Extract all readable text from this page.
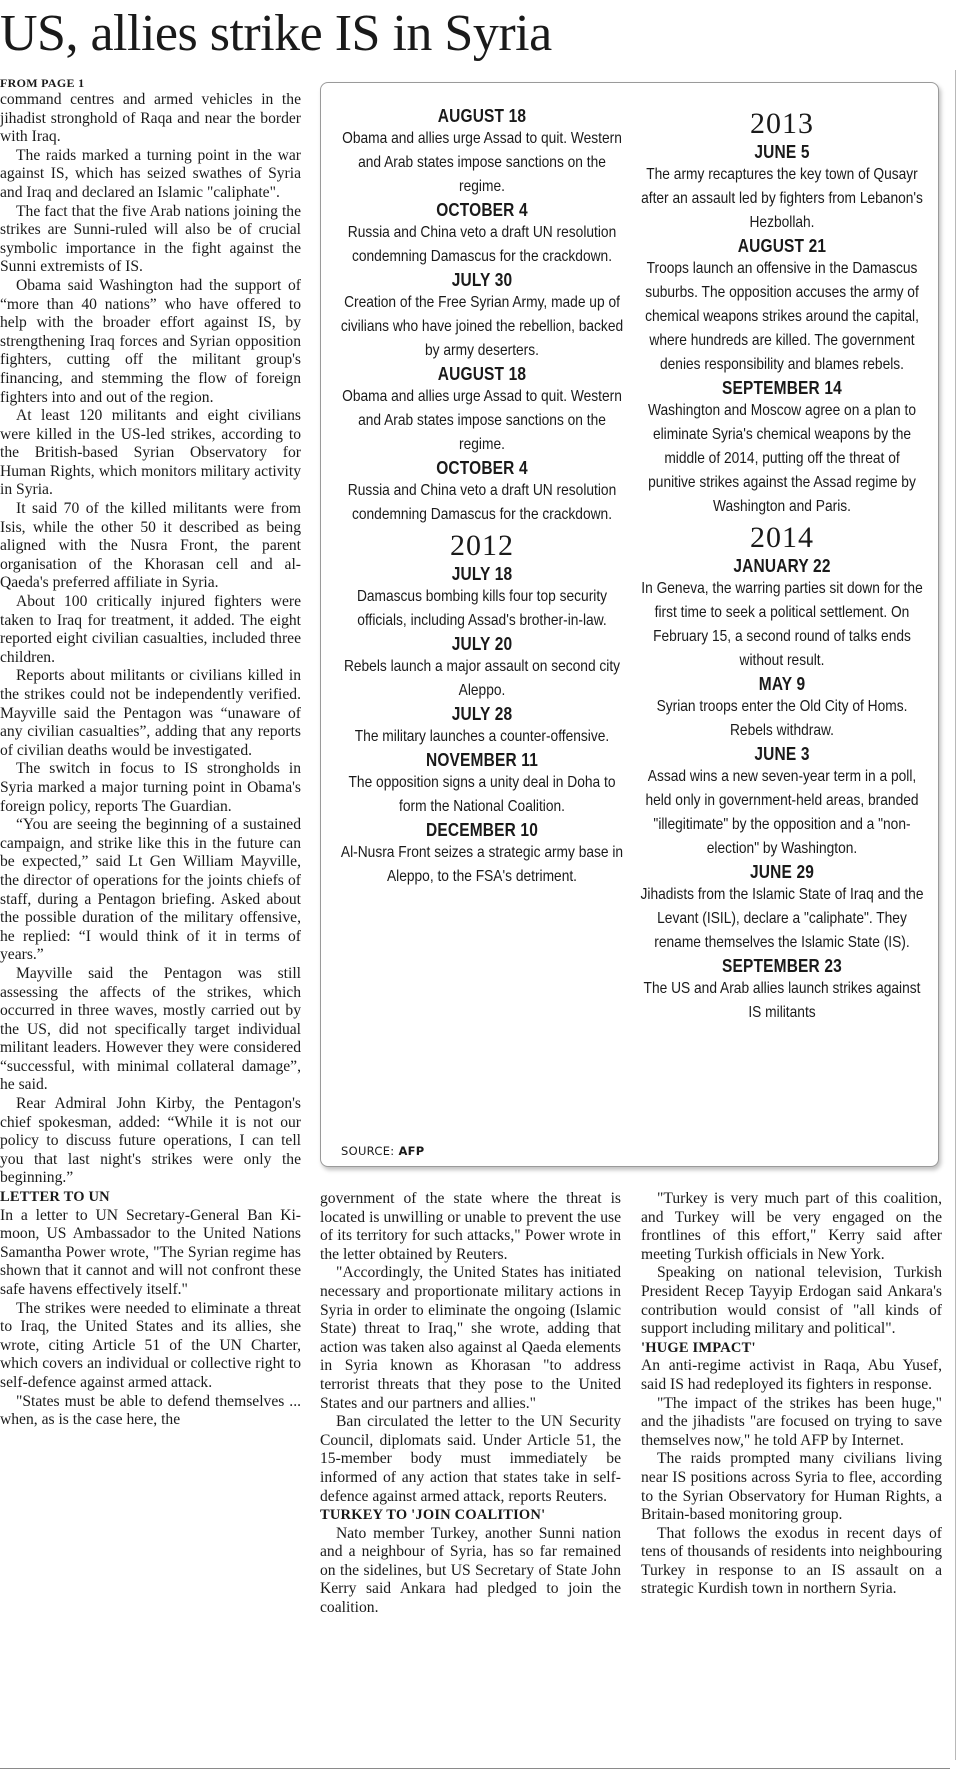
US, allies strike IS in Syria
FROM PAGE 1

command centres and armed vehicles in the jihadist stronghold of Raqa and near the border with Iraq.

The raids marked a turning point in the war against IS, which has seized swathes of Syria and Iraq and declared an Islamic "caliphate".

The fact that the five Arab nations joining the strikes are Sunni-ruled will also be of crucial symbolic importance in the fight against the Sunni extremists of IS.

Obama said Washington had the support of “more than 40 nations” who have offered to help with the broader effort against IS, by strengthening Iraq forces and Syrian opposition fighters, cutting off the militant group's financing, and stemming the flow of foreign fighters into and out of the region.

At least 120 militants and eight civilians were killed in the US-led strikes, according to the British-based Syrian Observatory for Human Rights, which monitors military activity in Syria.

It said 70 of the killed militants were from Isis, while the other 50 it described as being aligned with the Nusra Front, the parent organisation of the Khorasan cell and al-Qaeda's preferred affiliate in Syria.

About 100 critically injured fighters were taken to Iraq for treatment, it added. The eight reported eight civilian casualties, included three children.

Reports about militants or civilians killed in the strikes could not be independently verified. Mayville said the Pentagon was “unaware of any civilian casualties”, adding that any reports of civilian deaths would be investigated.

The switch in focus to IS strongholds in Syria marked a major turning point in Obama's foreign policy, reports The Guardian.

“You are seeing the beginning of a sustained campaign, and strike like this in the future can be expected,” said Lt Gen William Mayville, the director of operations for the joints chiefs of staff, during a Pentagon briefing. Asked about the possible duration of the military offensive, he replied: “I would think of it in terms of years.”

Mayville said the Pentagon was still assessing the affects of the strikes, which occurred in three waves, mostly carried out by the US, did not specifically target individual militant leaders. However they were considered “successful, with minimal collateral damage”, he said.

Rear Admiral John Kirby, the Pentagon's chief spokesman, added: “While it is not our policy to discuss future operations, I can tell you that last night's strikes were only the beginning.”

LETTER TO UN

In a letter to UN Secretary-General Ban Ki-moon, US Ambassador to the United Nations Samantha Power wrote, "The Syrian regime has shown that it cannot and will not confront these safe havens effectively itself."

The strikes were needed to eliminate a threat to Iraq, the United States and its allies, she wrote, citing Article 51 of the UN Charter, which covers an individual or collective right to self-defence against armed attack.

"States must be able to defend themselves ... when, as is the case here, the

AUGUST 18
Obama and allies urge Assad to quit. Western and Arab states impose sanctions on the regime.
OCTOBER 4
Russia and China veto a draft UN resolution condemning Damascus for the crackdown.
JULY 30
Creation of the Free Syrian Army, made up of civilians who have joined the rebellion, backed by army deserters.
AUGUST 18
Obama and allies urge Assad to quit. Western and Arab states impose sanctions on the regime.
OCTOBER 4
Russia and China veto a draft UN resolution condemning Damascus for the crackdown.
2012
JULY 18
Damascus bombing kills four top security officials, including Assad's brother-in-law.
JULY 20
Rebels launch a major assault on second city Aleppo.
JULY 28
The military launches a counter-offensive.
NOVEMBER 11
The opposition signs a unity deal in Doha to form the National Coalition.
DECEMBER 10
Al-Nusra Front seizes a strategic army base in Aleppo, to the FSA's detriment.
2013
JUNE 5
The army recaptures the key town of Qusayr after an assault led by fighters from Lebanon's Hezbollah.
AUGUST 21
Troops launch an offensive in the Damascus suburbs. The opposition accuses the army of chemical weapons strikes around the capital, where hundreds are killed. The government denies responsibility and blames rebels.
SEPTEMBER 14
Washington and Moscow agree on a plan to eliminate Syria's chemical weapons by the middle of 2014, putting off the threat of punitive strikes against the Assad regime by Washington and Paris.
2014
JANUARY 22
In Geneva, the warring parties sit down for the first time to seek a political settlement. On February 15, a second round of talks ends without result.
MAY 9
Syrian troops enter the Old City of Homs. Rebels withdraw.
JUNE 3
Assad wins a new seven-year term in a poll, held only in government-held areas, branded "illegitimate" by the opposition and a "non-election" by Washington.
JUNE 29
Jihadists from the Islamic State of Iraq and the Levant (ISIL), declare a "caliphate". They rename themselves the Islamic State (IS).
SEPTEMBER 23
The US and Arab allies launch strikes against IS militants
SOURCE: AFP

government of the state where the threat is located is unwilling or unable to prevent the use of its territory for such attacks," Power wrote in the letter obtained by Reuters.

"Accordingly, the United States has initiated necessary and proportionate military actions in Syria in order to eliminate the ongoing (Islamic State) threat to Iraq," she wrote, adding that action was taken also against al Qaeda elements in Syria known as Khorasan "to address terrorist threats that they pose to the United States and our partners and allies."

Ban circulated the letter to the UN Security Council, diplomats said. Under Article 51, the 15-member body must immediately be informed of any action that states take in self-defence against armed attack, reports Reuters.

TURKEY TO 'JOIN COALITION'

Nato member Turkey, another Sunni nation and a neighbour of Syria, has so far remained on the sidelines, but US Secretary of State John Kerry said Ankara had pledged to join the coalition.

"Turkey is very much part of this coalition, and Turkey will be very engaged on the frontlines of this effort," Kerry said after meeting Turkish officials in New York.

Speaking on national television, Turkish President Recep Tayyip Erdogan said Ankara's contribution would consist of "all kinds of support including military and political".

'HUGE IMPACT'

An anti-regime activist in Raqa, Abu Yusef, said IS had redeployed its fighters in response.

"The impact of the strikes has been huge," and the jihadists "are focused on trying to save themselves now," he told AFP by Internet.

The raids prompted many civilians living near IS positions across Syria to flee, according to the Syrian Observatory for Human Rights, a Britain-based monitoring group.

That follows the exodus in recent days of tens of thousands of residents into neighbouring Turkey in response to an IS assault on a strategic Kurdish town in northern Syria.
